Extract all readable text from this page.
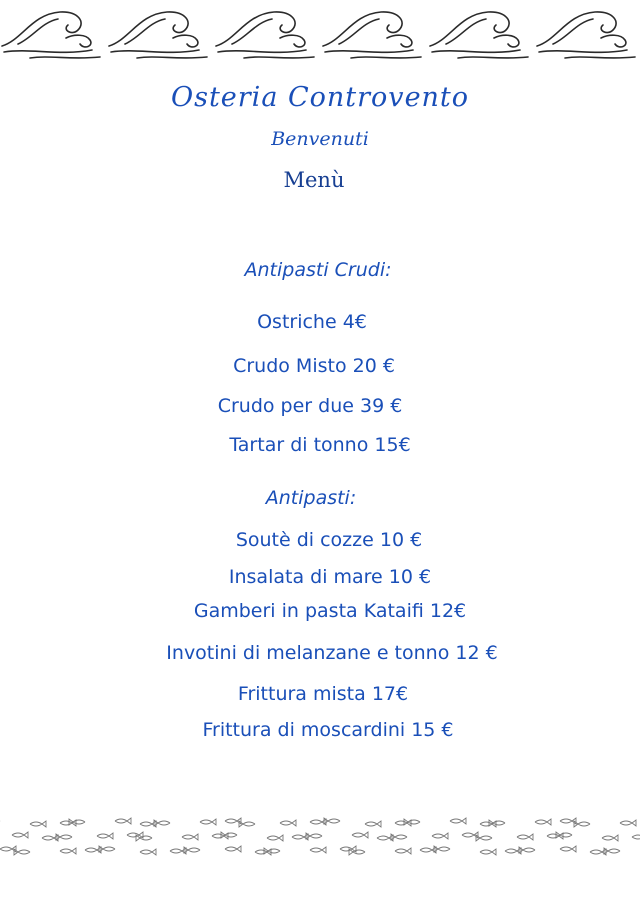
Osteria Controvento
Benvenuti
Menù
Antipasti Crudi:
Ostriche 4€
Crudo Misto 20 €
Crudo per due 39 €
Tartar di tonno 15€
Antipasti:
Soutè di cozze 10 €
Insalata di mare 10 €
Gamberi in pasta Kataifi 12€
Invotini di melanzane e tonno 12 €
Frittura mista 17€
Frittura di moscardini 15 €
